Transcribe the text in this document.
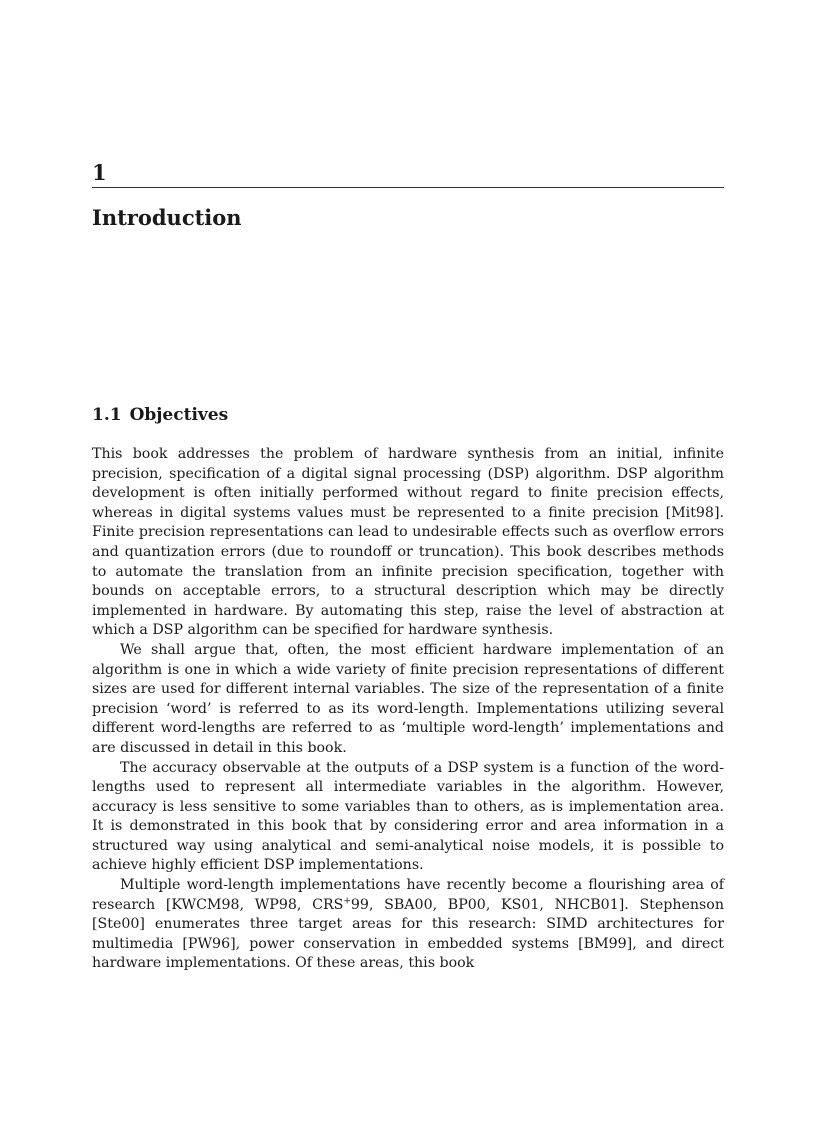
1
Introduction
1.1 Objectives

This book addresses the problem of hardware synthesis from an initial, infinite precision, specification of a digital signal processing (DSP) algorithm. DSP algorithm development is often initially performed without regard to finite precision effects, whereas in digital systems values must be represented to a finite precision [Mit98]. Finite precision representations can lead to undesirable effects such as overflow errors and quantization errors (due to roundoff or truncation). This book describes methods to automate the translation from an infinite precision specification, together with bounds on acceptable errors, to a structural description which may be directly implemented in hardware. By automating this step, raise the level of abstraction at which a DSP algorithm can be specified for hardware synthesis.

We shall argue that, often, the most efficient hardware implementation of an algorithm is one in which a wide variety of finite precision representations of different sizes are used for different internal variables. The size of the representation of a finite precision ‘word’ is referred to as its word-length. Implementations utilizing several different word-lengths are referred to as ‘multiple word-length’ implementations and are discussed in detail in this book.

The accuracy observable at the outputs of a DSP system is a function of the word-lengths used to represent all intermediate variables in the algorithm. However, accuracy is less sensitive to some variables than to others, as is implementation area. It is demonstrated in this book that by considering error and area information in a structured way using analytical and semi-analytical noise models, it is possible to achieve highly efficient DSP implementations.

Multiple word-length implementations have recently become a flourishing area of research [KWCM98, WP98, CRS+99, SBA00, BP00, KS01, NHCB01]. Stephenson [Ste00] enumerates three target areas for this research: SIMD architectures for multimedia [PW96], power conservation in embedded systems [BM99], and direct hardware implementations. Of these areas, this book
